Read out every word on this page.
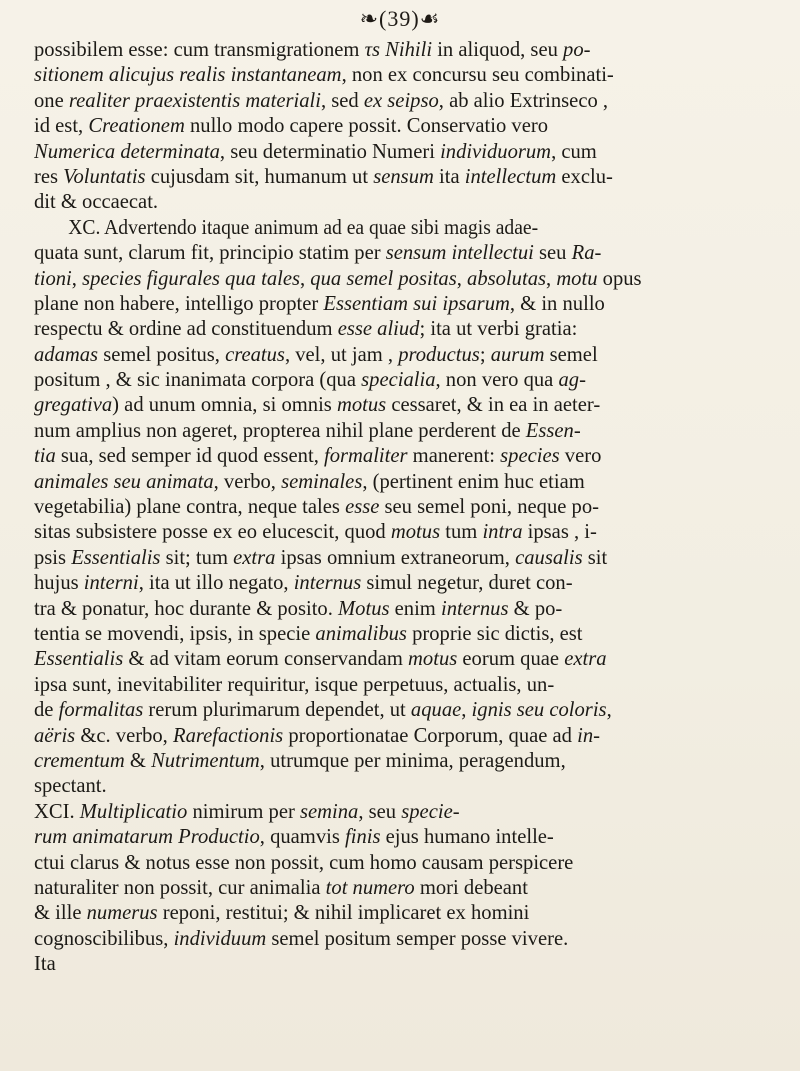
❧(39)☙
possibilem esse: cum transmigrationem τs Nihili in aliquod, seu po-
sitionem alicujus realis instantaneam, non ex concursu seu combinati-
one realiter praexistentis materiali, sed ex seipso, ab alio Extrinseco ,
id est, Creationem nullo modo capere possit. Conservatio vero
Numerica determinata, seu determinatio Numeri individuorum, cum
res Voluntatis cujusdam sit, humanum ut sensum ita intellectum exclu-
dit & occaecat.
XC. Advertendo itaque animum ad ea quae sibi magis adae-
quata sunt, clarum fit, principio statim per sensum intellectui seu Ra-
tioni, species figurales qua tales, qua semel positas, absolutas, motu opus
plane non habere, intelligo propter Essentiam sui ipsarum, & in nullo
respectu & ordine ad constituendum esse aliud; ita ut verbi gratia:
adamas semel positus, creatus, vel, ut jam , productus; aurum semel
positum , & sic inanimata corpora (qua specialia, non vero qua ag-
gregativa) ad unum omnia, si omnis motus cessaret, & in ea in aeter-
num amplius non ageret, propterea nihil plane perderent de Essen-
tia sua, sed semper id quod essent, formaliter manerent: species vero
animales seu animata, verbo, seminales, (pertinent enim huc etiam
vegetabilia) plane contra, neque tales esse seu semel poni, neque po-
sitas subsistere posse ex eo elucescit, quod motus tum intra ipsas , i-
psis Essentialis sit; tum extra ipsas omnium extraneorum, causalis sit
hujus interni, ita ut illo negato, internus simul negetur, duret con-
tra & ponatur, hoc durante & posito. Motus enim internus & po-
tentia se movendi, ipsis, in specie animalibus proprie sic dictis, est
Essentialis & ad vitam eorum conservandam motus eorum quae extra
ipsa sunt, inevitabiliter requiritur, isque perpetuus, actualis, un-
de formalitas rerum plurimarum dependet, ut aquae, ignis seu coloris,
aëris &c. verbo, Rarefactionis proportionatae Corporum, quae ad in-
crementum & Nutrimentum, utrumque per minima, peragendum,
spectant.
XCI. Multiplicatio nimirum per semina, seu specie-
rum animatarum Productio, quamvis finis ejus humano intelle-
ctui clarus & notus esse non possit, cum homo causam perspicere
naturaliter non possit, cur animalia tot numero mori debeant
& ille numerus reponi, restitui; & nihil implicaret ex homini
cognoscibilibus, individuum semel positum semper posse vivere.
Ita
